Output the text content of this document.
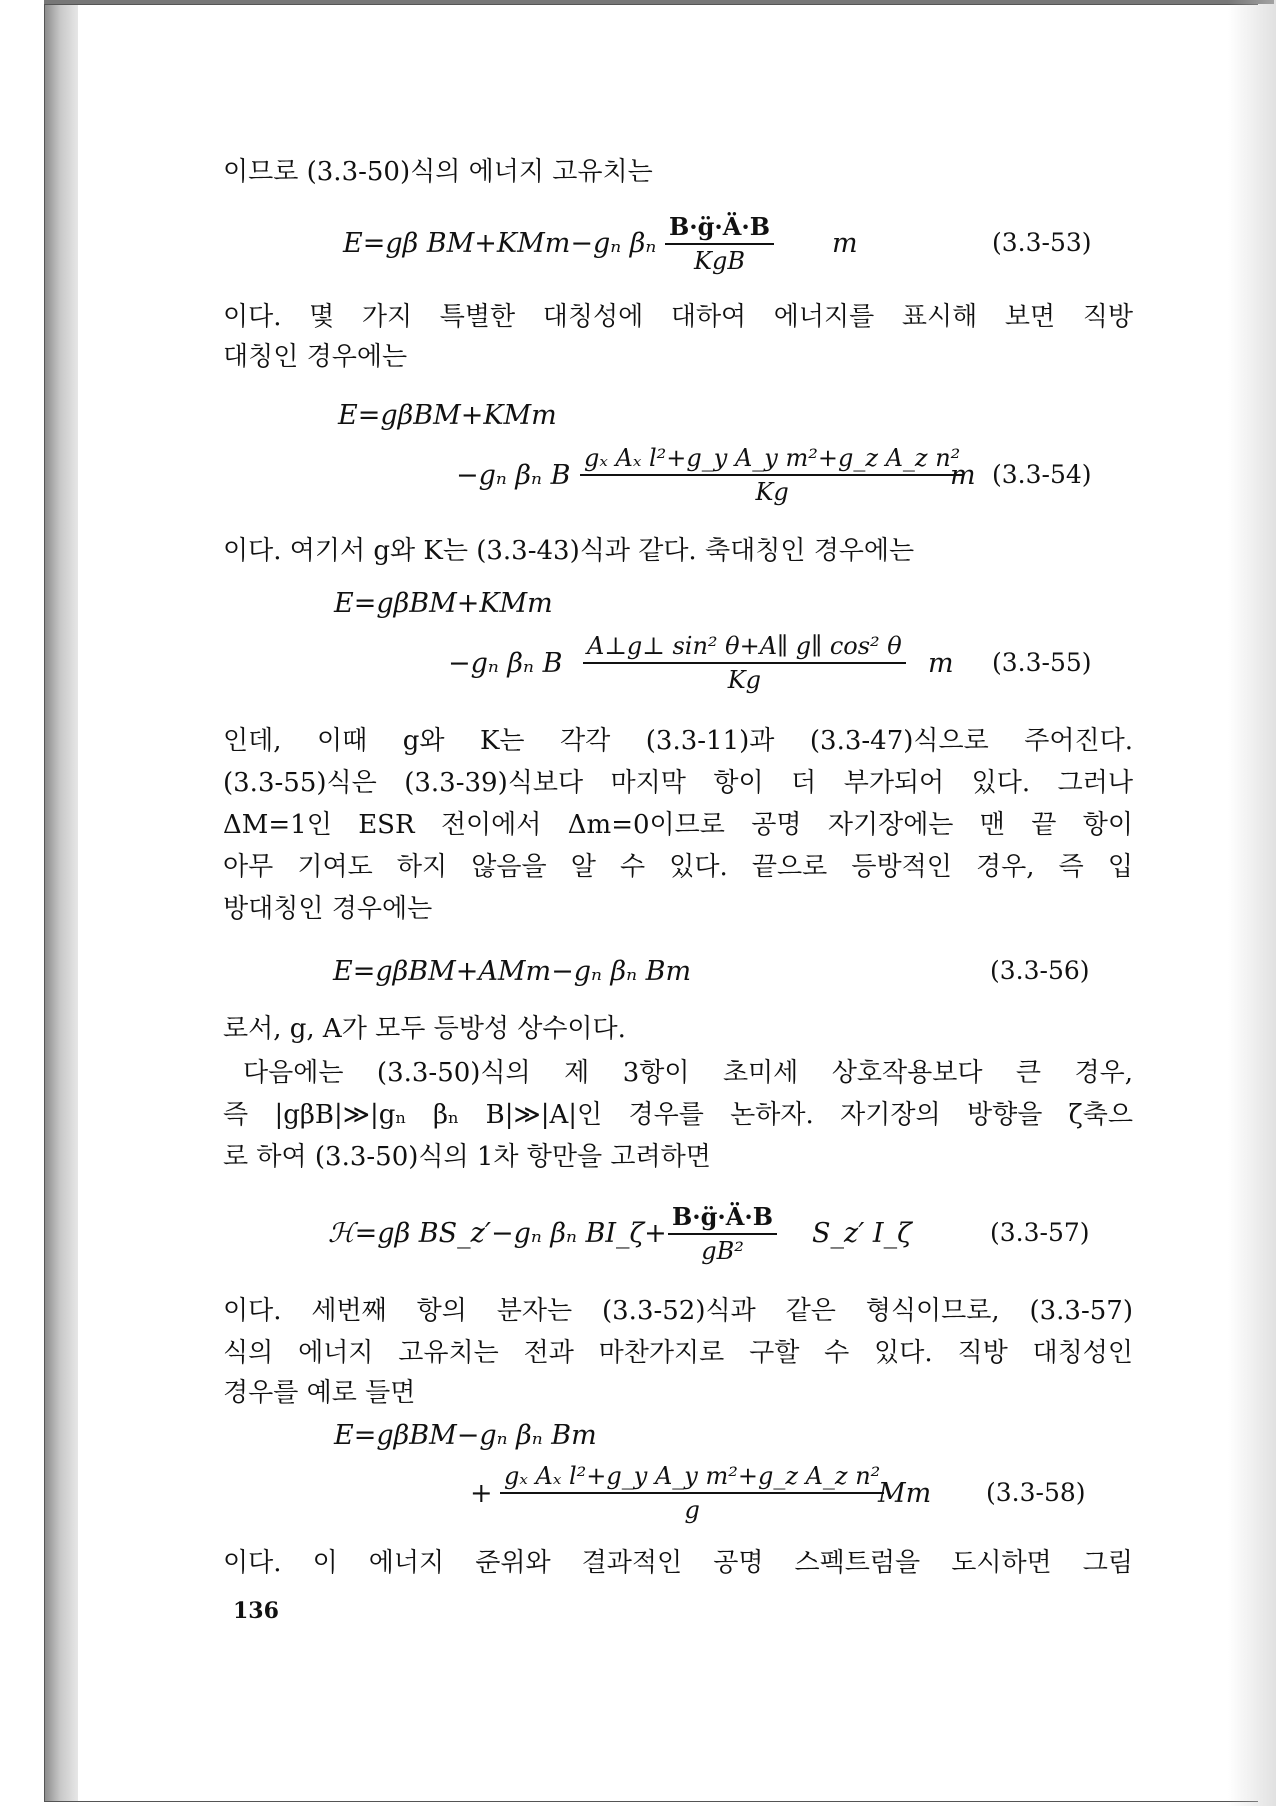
이므로 (3.3-50)식의 에너지 고유치는
E=gβ BM+KMm−gₙ βₙ
B·g̈·Ä·B
KgB
m	(3.3-53)
이다. 몇 가지 특별한 대칭성에 대하여 에너지를 표시해 보면 직방
대칭인 경우에는
E=gβBM+KMm
−gₙ βₙ B $\frac{\text{gₓ Aₓ l²+g\_y A\_y m²+g\_z A\_z n²}}{Kg}$
m (3.3-54)
이다. 여기서 g와 K는 (3.3-43)식과 같다. 축대칭인 경우에는
E=gβBM+KMm
−gₙ βₙ B $\frac{\text{A⊥g⊥ sin² θ+A∥ g∥ cos² θ}}{Kg}$ m (3.3-55)
인데, 이때 g와 K는 각각 (3.3-11)과 (3.3-47)식으로 주어진다.
(3.3-55)식은 (3.3-39)식보다 마지막 항이 더 부가되어 있다. 그러나
ΔM=1인 ESR 전이에서 Δm=0이므로 공명 자기장에는 맨 끝 항이
아무 기여도 하지 않음을 알 수 있다. 끝으로 등방적인 경우, 즉 입
방대칭인 경우에는
E=gβBM+AMm−gₙ βₙ Bm	(3.3-56)
로서, g, A가 모두 등방성 상수이다.
다음에는 (3.3-50)식의 제 3항이 초미세 상호작용보다 큰 경우,
즉 |gβB|≫|gₙ βₙ B|≫|A|인 경우를 논하자. 자기장의 방향을 ζ축으
로 하여 (3.3-50)식의 1차 항만을 고려하면
ℋ=gβ BS_z′−gₙ βₙ BI_ζ+ $\frac{B\cdot g̈\cdot Ä\cdot B}{\text{gB²}}$ S_z′ I_ζ	(3.3-57)
이다. 세번째 항의 분자는 (3.3-52)식과 같은 형식이므로, (3.3-57)
식의 에너지 고유치는 전과 마찬가지로 구할 수 있다. 직방 대칭성인
경우를 예로 들면
E=gβBM−gₙ βₙ Bm
+ $\frac{\text{gₓ Aₓ l²+g\_y A\_y m²+g\_z A\_z n²}}{g}$
Mm (3.3-58)
이다. 이 에너지 준위와 결과적인 공명 스펙트럼을 도시하면 그림
136
